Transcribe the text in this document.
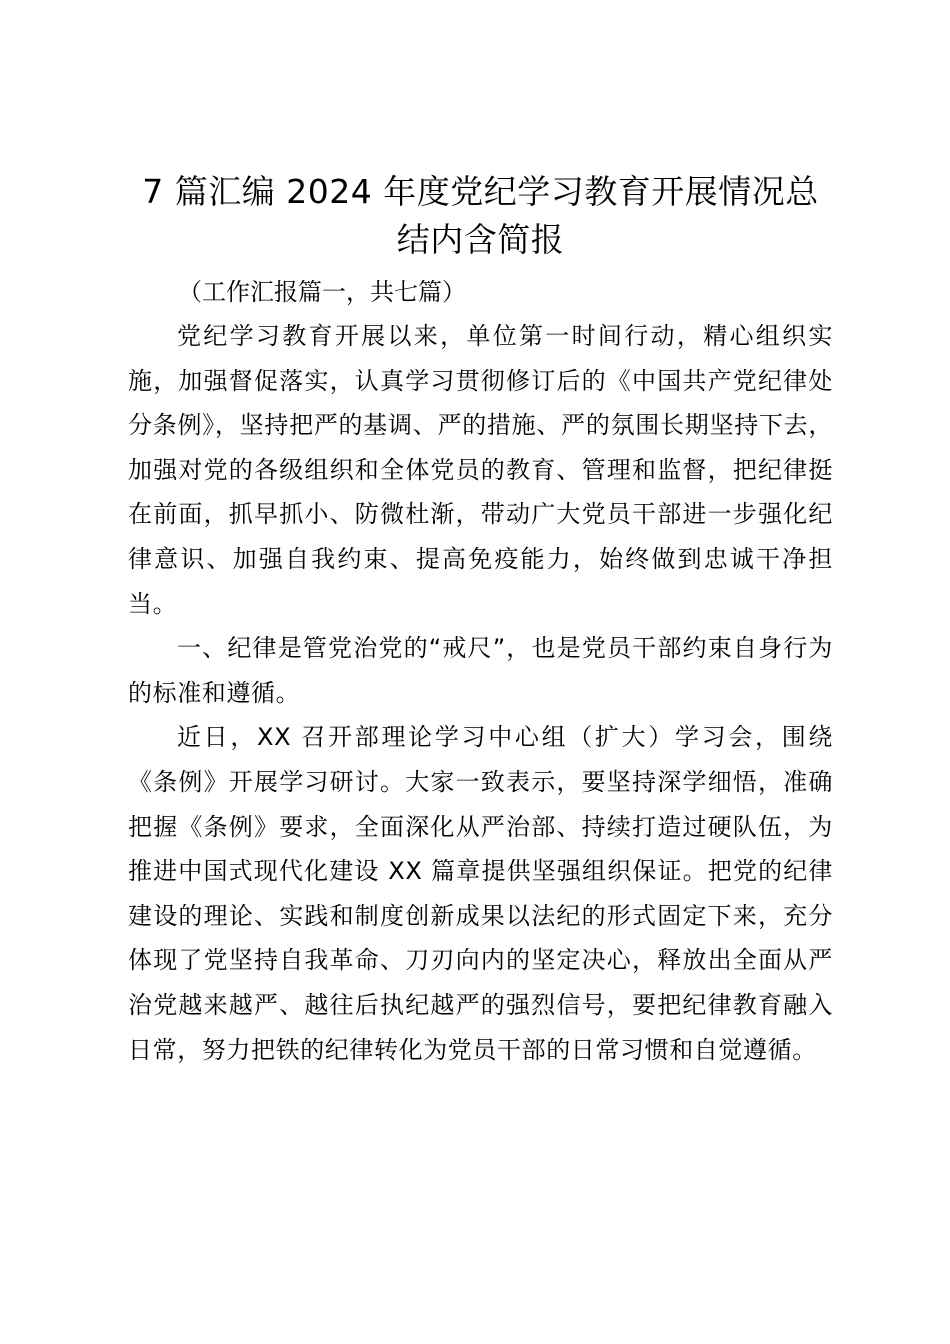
7 篇汇编 2024 年度党纪学习教育开展情况总结内含简报

（工作汇报篇一，共七篇）

党纪学习教育开展以来，单位第一时间行动，精心组织实施，加强督促落实，认真学习贯彻修订后的《中国共产党纪律处分条例》，坚持把严的基调、严的措施、严的氛围长期坚持下去，加强对党的各级组织和全体党员的教育、管理和监督，把纪律挺在前面，抓早抓小、防微杜渐，带动广大党员干部进一步强化纪律意识、加强自我约束、提高免疫能力，始终做到忠诚干净担当。

一、纪律是管党治党的“戒尺”，也是党员干部约束自身行为的标准和遵循。

近日，XX 召开部理论学习中心组（扩大）学习会，围绕《条例》开展学习研讨。大家一致表示，要坚持深学细悟，准确把握《条例》要求，全面深化从严治部、持续打造过硬队伍，为推进中国式现代化建设 XX 篇章提供坚强组织保证。把党的纪律建设的理论、实践和制度创新成果以法纪的形式固定下来，充分体现了党坚持自我革命、刀刃向内的坚定决心，释放出全面从严治党越来越严、越往后执纪越严的强烈信号，要把纪律教育融入日常，努力把铁的纪律转化为党员干部的日常习惯和自觉遵循。
